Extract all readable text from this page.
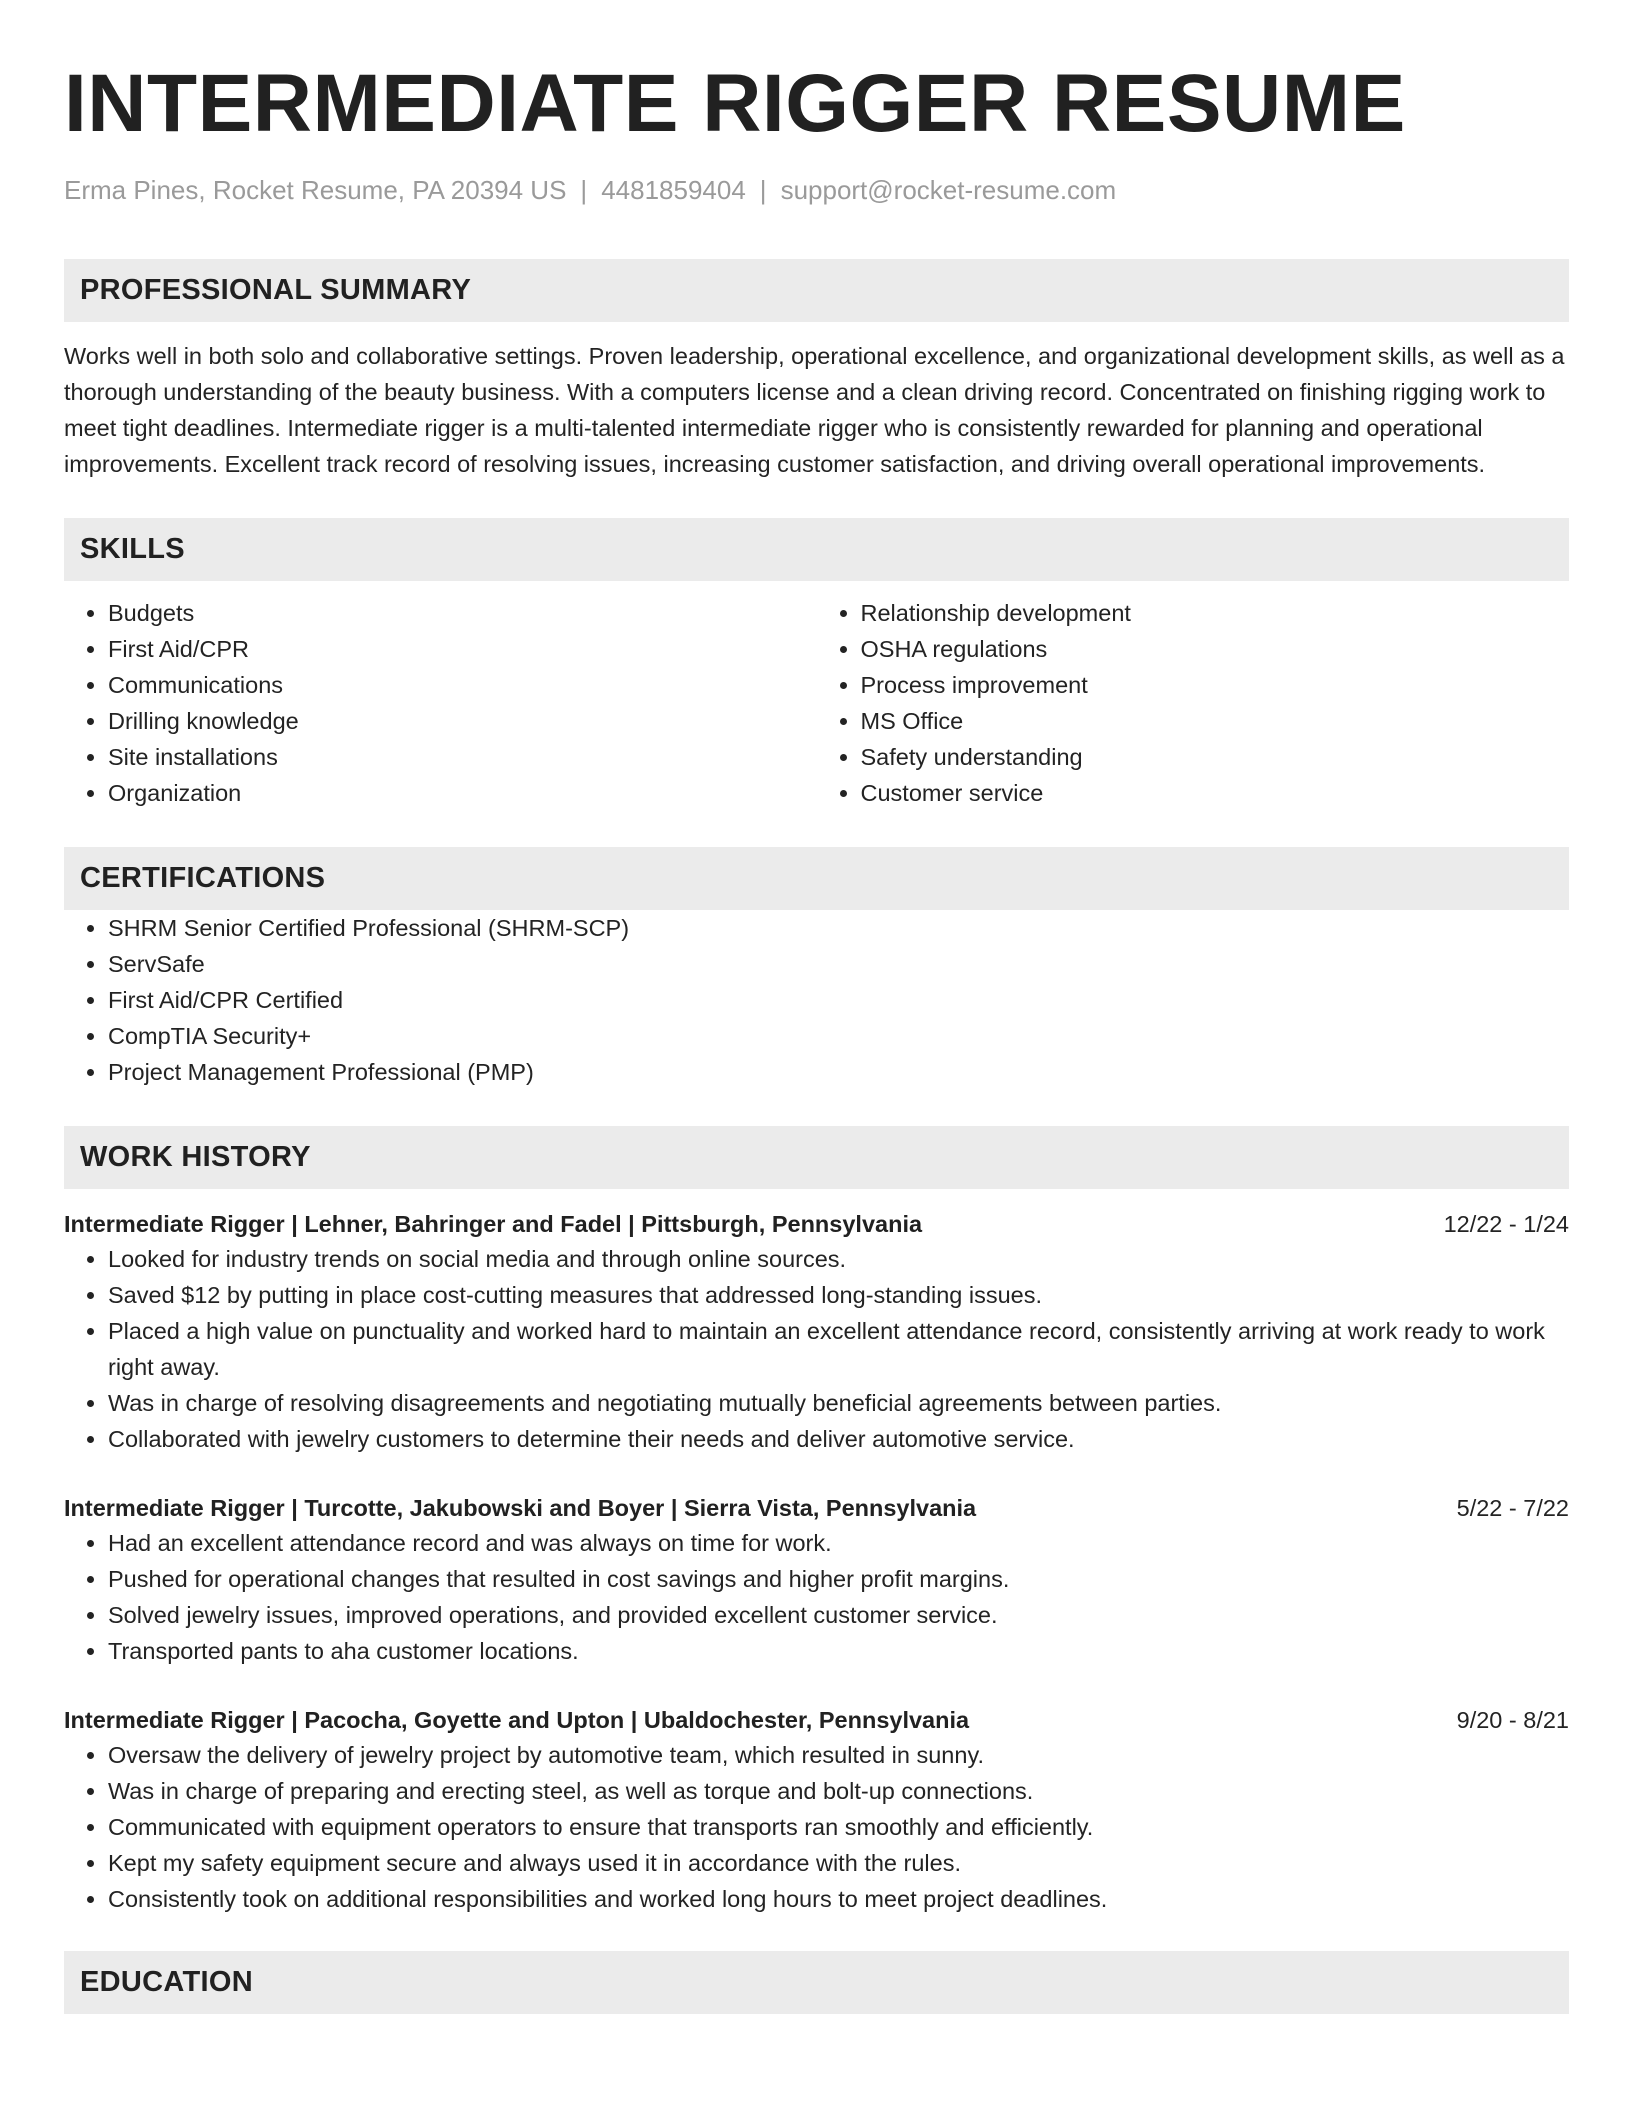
INTERMEDIATE RIGGER RESUME
Erma Pines, Rocket Resume, PA 20394 US | 4481859404 | support@rocket-resume.com
PROFESSIONAL SUMMARY

Works well in both solo and collaborative settings. Proven leadership, operational excellence, and organizational development skills, as well as a thorough understanding of the beauty business. With a computers license and a clean driving record. Concentrated on finishing rigging work to meet tight deadlines. Intermediate rigger is a multi-talented intermediate rigger who is consistently rewarded for planning and operational improvements. Excellent track record of resolving issues, increasing customer satisfaction, and driving overall operational improvements.

SKILLS
• Budgets
• First Aid/CPR
• Communications
• Drilling knowledge
• Site installations
• Organization
• Relationship development
• OSHA regulations
• Process improvement
• MS Office
• Safety understanding
• Customer service
CERTIFICATIONS
• SHRM Senior Certified Professional (SHRM-SCP)
• ServSafe
• First Aid/CPR Certified
• CompTIA Security+
• Project Management Professional (PMP)
WORK HISTORY
Intermediate Rigger | Lehner, Bahringer and Fadel | Pittsburgh, Pennsylvania	12/22 - 1/24
• Looked for industry trends on social media and through online sources.
• Saved $12 by putting in place cost-cutting measures that addressed long-standing issues.
• Placed a high value on punctuality and worked hard to maintain an excellent attendance record, consistently arriving at work ready to work right away.
• Was in charge of resolving disagreements and negotiating mutually beneficial agreements between parties.
• Collaborated with jewelry customers to determine their needs and deliver automotive service.
Intermediate Rigger | Turcotte, Jakubowski and Boyer | Sierra Vista, Pennsylvania	5/22 - 7/22
• Had an excellent attendance record and was always on time for work.
• Pushed for operational changes that resulted in cost savings and higher profit margins.
• Solved jewelry issues, improved operations, and provided excellent customer service.
• Transported pants to aha customer locations.
Intermediate Rigger | Pacocha, Goyette and Upton | Ubaldochester, Pennsylvania	9/20 - 8/21
• Oversaw the delivery of jewelry project by automotive team, which resulted in sunny.
• Was in charge of preparing and erecting steel, as well as torque and bolt-up connections.
• Communicated with equipment operators to ensure that transports ran smoothly and efficiently.
• Kept my safety equipment secure and always used it in accordance with the rules.
• Consistently took on additional responsibilities and worked long hours to meet project deadlines.
EDUCATION
